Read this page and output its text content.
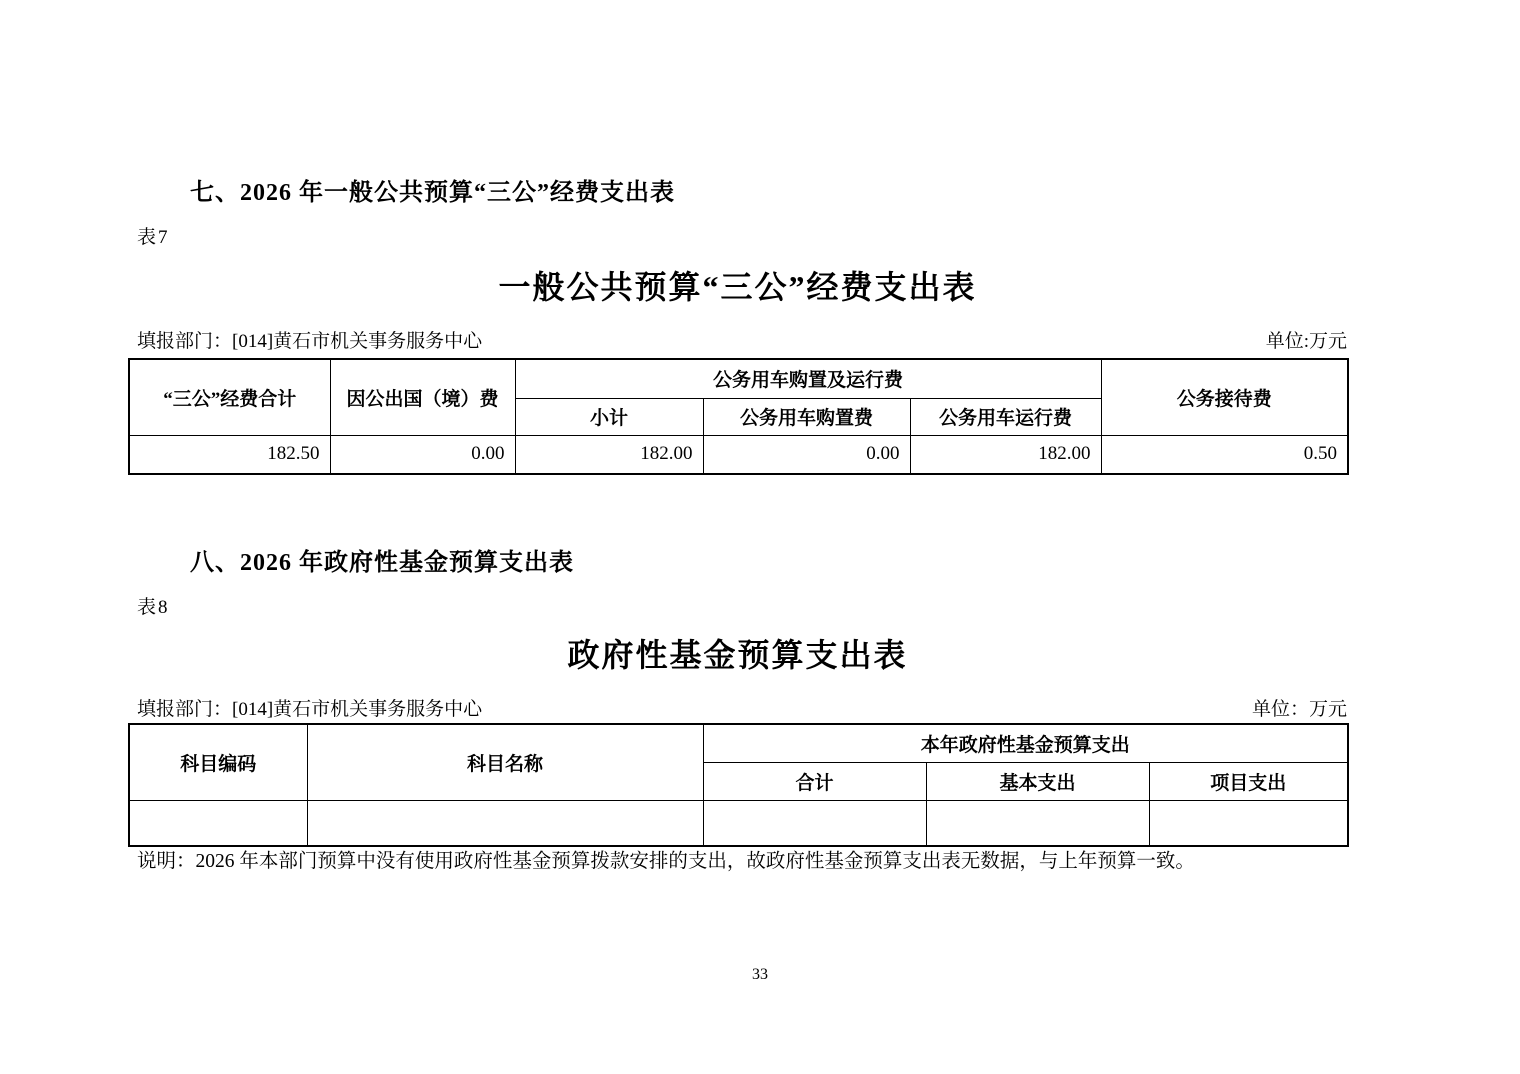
七、2026 年一般公共预算“三公”经费支出表
表7
一般公共预算“三公”经费支出表
填报部门：[014]黄石市机关事务服务中心	单位:万元
“三公”经费合计	因公出国（境）费	公务用车购置及运行费			公务接待费
		小计	公务用车购置费	公务用车运行费	
182.50	0.00	182.00	0.00	182.00	0.50
八、2026 年政府性基金预算支出表
表8
政府性基金预算支出表
填报部门：[014]黄石市机关事务服务中心	单位：万元
科目编码	科目名称	本年政府性基金预算支出		
		合计	基本支出	项目支出

说明：2026 年本部门预算中没有使用政府性基金预算拨款安排的支出，故政府性基金预算支出表无数据，与上年预算一致。
33
